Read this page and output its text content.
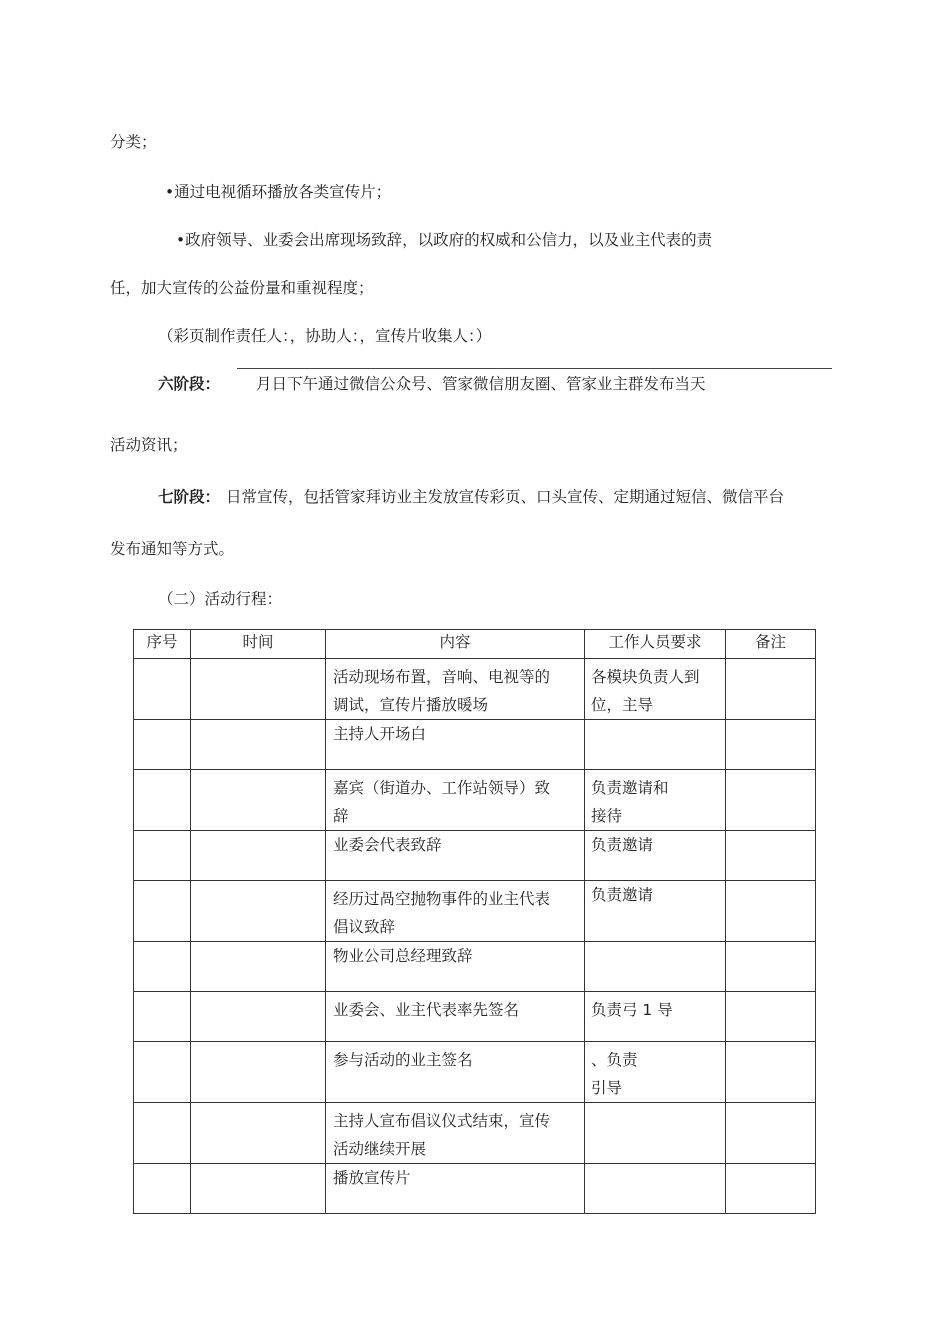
分类；
•通过电视循环播放各类宣传片；
•政府领导、业委会出席现场致辞，以政府的权威和公信力，以及业主代表的责
任，加大宣传的公益份量和重视程度；
（彩页制作责任人：，协助人：，宣传片收集人：）
六阶段： 月日下午通过微信公众号、管家微信朋友圈、管家业主群发布当天
活动资讯；
七阶段： 日常宣传，包括管家拜访业主发放宣传彩页、口头宣传、定期通过短信、微信平台
发布通知等方式。
（二）活动行程：
序号	时间	内容	工作人员要求	备注

		活动现场布置，音响、电视等的
调试，宣传片播放暖场	各模块负责人到
位，主导	

		主持人开场白		

		嘉宾（街道办、工作站领导）致
辞	负责邀请和
接待	

		业委会代表致辞	负责邀请	

		经历过咼空抛物事件的业主代表
倡议致辞	负责邀请	

		物业公司总经理致辞		

		业委会、业主代表率先签名	负责弓 1 导	

		参与活动的业主签名	、负责
引导	

		主持人宣布倡议仪式结束，宣传
活动继续开展		

		播放宣传片		
